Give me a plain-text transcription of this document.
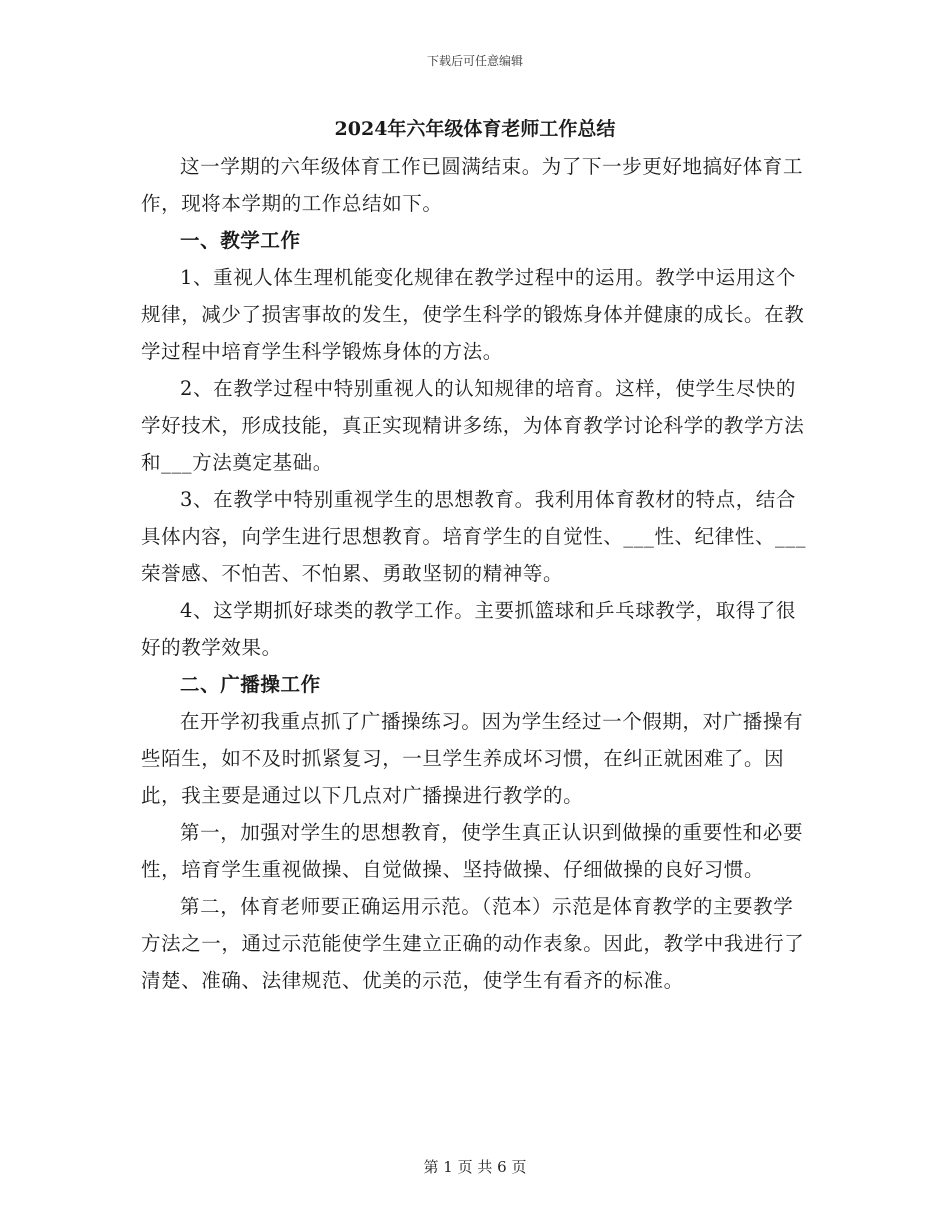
下载后可任意编辑
2024年六年级体育老师工作总结

这一学期的六年级体育工作已圆满结束。为了下一步更好地搞好体育工作，现将本学期的工作总结如下。

一、教学工作

1、重视人体生理机能变化规律在教学过程中的运用。教学中运用这个规律，减少了损害事故的发生，使学生科学的锻炼身体并健康的成长。在教学过程中培育学生科学锻炼身体的方法。

2、在教学过程中特别重视人的认知规律的培育。这样，使学生尽快的学好技术，形成技能，真正实现精讲多练，为体育教学讨论科学的教学方法和___方法奠定基础。

3、在教学中特别重视学生的思想教育。我利用体育教材的特点，结合具体内容，向学生进行思想教育。培育学生的自觉性、___性、纪律性、___荣誉感、不怕苦、不怕累、勇敢坚韧的精神等。

4、这学期抓好球类的教学工作。主要抓篮球和乒乓球教学，取得了很好的教学效果。

二、广播操工作

在开学初我重点抓了广播操练习。因为学生经过一个假期，对广播操有些陌生，如不及时抓紧复习，一旦学生养成坏习惯，在纠正就困难了。因此，我主要是通过以下几点对广播操进行教学的。

第一，加强对学生的思想教育，使学生真正认识到做操的重要性和必要性，培育学生重视做操、自觉做操、坚持做操、仔细做操的良好习惯。

第二，体育老师要正确运用示范。（范本）示范是体育教学的主要教学方法之一，通过示范能使学生建立正确的动作表象。因此，教学中我进行了清楚、准确、法律规范、优美的示范，使学生有看齐的标准。

第 1 页 共 6 页
